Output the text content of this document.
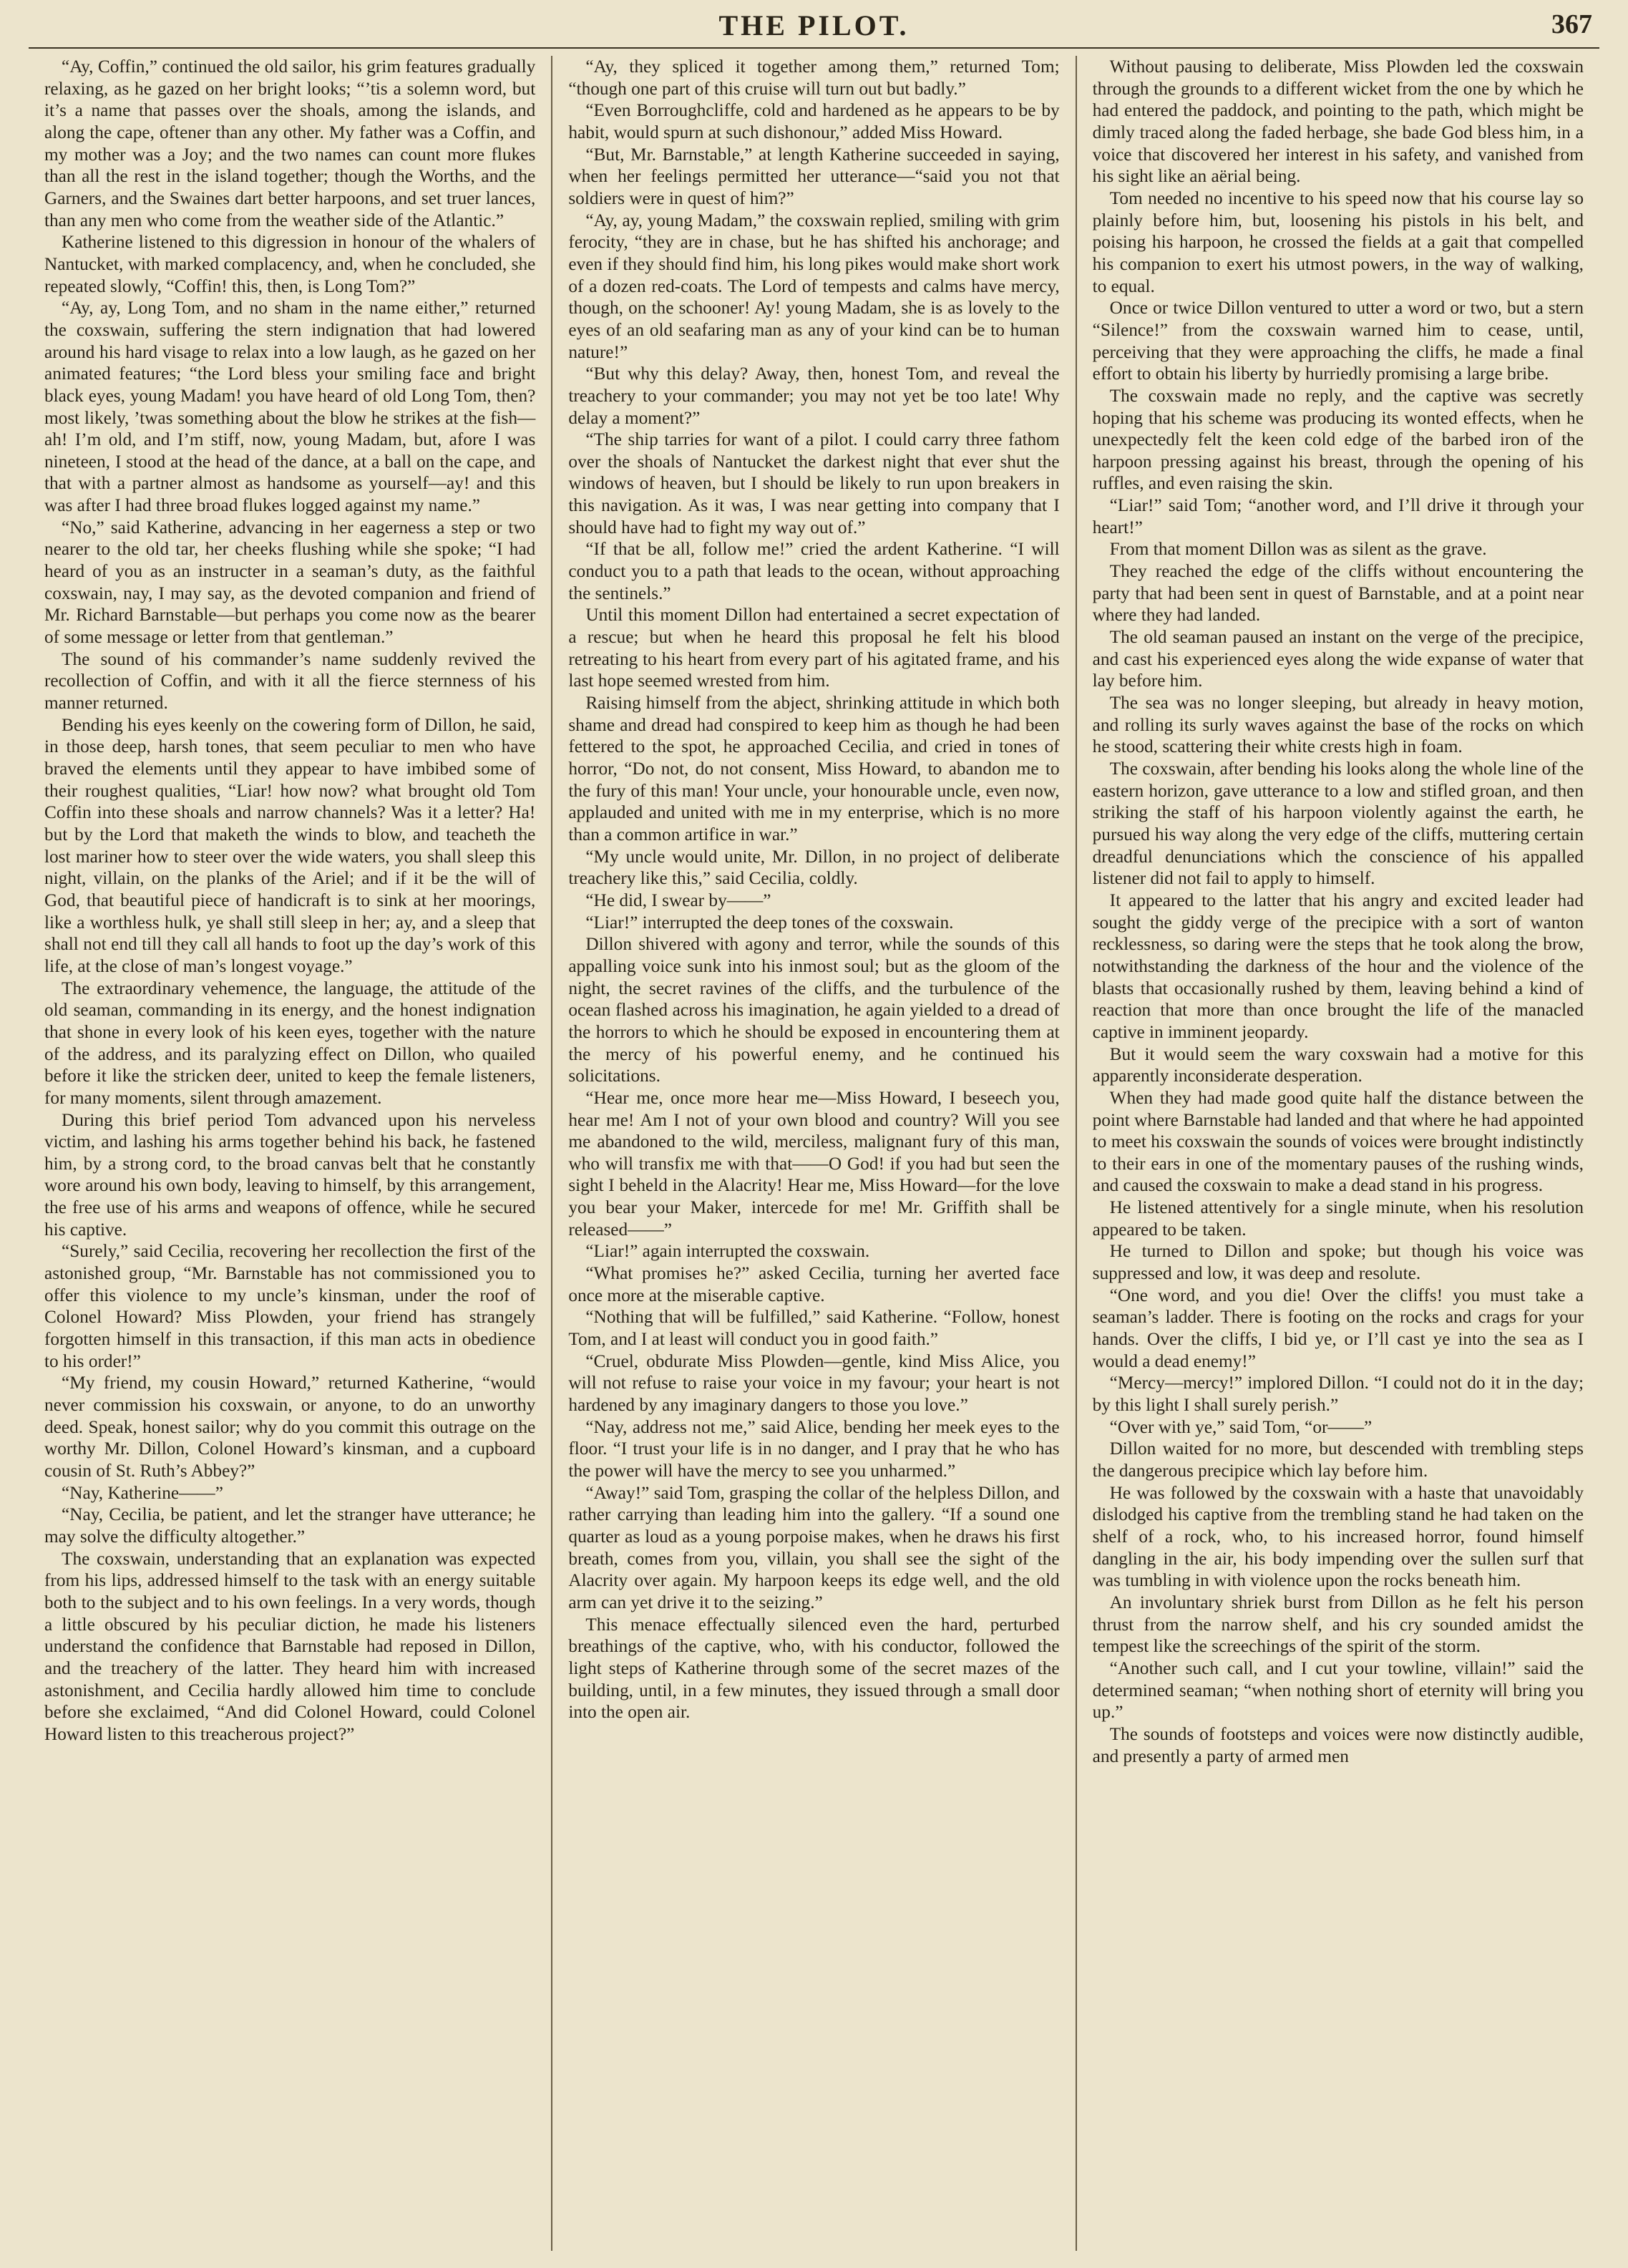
THE PILOT.	367

“Ay, Coffin,” continued the old sailor, his grim features gradually relaxing, as he gazed on her bright looks; “’tis a solemn word, but it’s a name that passes over the shoals, among the islands, and along the cape, oftener than any other. My father was a Coffin, and my mother was a Joy; and the two names can count more flukes than all the rest in the island together; though the Worths, and the Garners, and the Swaines dart better harpoons, and set truer lances, than any men who come from the weather side of the Atlantic.”

Katherine listened to this digression in honour of the whalers of Nantucket, with marked complacency, and, when he concluded, she repeated slowly, “Coffin! this, then, is Long Tom?”

“Ay, ay, Long Tom, and no sham in the name either,” returned the coxswain, suffering the stern indignation that had lowered around his hard visage to relax into a low laugh, as he gazed on her animated features; “the Lord bless your smiling face and bright black eyes, young Madam! you have heard of old Long Tom, then? most likely, ’twas something about the blow he strikes at the fish—ah! I’m old, and I’m stiff, now, young Madam, but, afore I was nineteen, I stood at the head of the dance, at a ball on the cape, and that with a partner almost as handsome as yourself—ay! and this was after I had three broad flukes logged against my name.”

“No,” said Katherine, advancing in her eagerness a step or two nearer to the old tar, her cheeks flushing while she spoke; “I had heard of you as an instructer in a seaman’s duty, as the faithful coxswain, nay, I may say, as the devoted companion and friend of Mr. Richard Barnstable—but perhaps you come now as the bearer of some message or letter from that gentleman.”

The sound of his commander’s name suddenly revived the recollection of Coffin, and with it all the fierce sternness of his manner returned.

Bending his eyes keenly on the cowering form of Dillon, he said, in those deep, harsh tones, that seem peculiar to men who have braved the elements until they appear to have imbibed some of their roughest qualities, “Liar! how now? what brought old Tom Coffin into these shoals and narrow channels? Was it a letter? Ha! but by the Lord that maketh the winds to blow, and teacheth the lost mariner how to steer over the wide waters, you shall sleep this night, villain, on the planks of the Ariel; and if it be the will of God, that beautiful piece of handicraft is to sink at her moorings, like a worthless hulk, ye shall still sleep in her; ay, and a sleep that shall not end till they call all hands to foot up the day’s work of this life, at the close of man’s longest voyage.”

The extraordinary vehemence, the language, the attitude of the old seaman, commanding in its energy, and the honest indignation that shone in every look of his keen eyes, together with the nature of the address, and its paralyzing effect on Dillon, who quailed before it like the stricken deer, united to keep the female listeners, for many moments, silent through amazement.

During this brief period Tom advanced upon his nerveless victim, and lashing his arms together behind his back, he fastened him, by a strong cord, to the broad canvas belt that he constantly wore around his own body, leaving to himself, by this arrangement, the free use of his arms and weapons of offence, while he secured his captive.

“Surely,” said Cecilia, recovering her recollection the first of the astonished group, “Mr. Barnstable has not commissioned you to offer this violence to my uncle’s kinsman, under the roof of Colonel Howard? Miss Plowden, your friend has strangely forgotten himself in this transaction, if this man acts in obedience to his order!”

“My friend, my cousin Howard,” returned Katherine, “would never commission his coxswain, or anyone, to do an unworthy deed. Speak, honest sailor; why do you commit this outrage on the worthy Mr. Dillon, Colonel Howard’s kinsman, and a cupboard cousin of St. Ruth’s Abbey?”

“Nay, Katherine——”

“Nay, Cecilia, be patient, and let the stranger have utterance; he may solve the difficulty altogether.”

The coxswain, understanding that an explanation was expected from his lips, addressed himself to the task with an energy suitable both to the subject and to his own feelings. In a very words, though a little obscured by his peculiar diction, he made his listeners understand the confidence that Barnstable had reposed in Dillon, and the treachery of the latter. They heard him with increased astonishment, and Cecilia hardly allowed him time to conclude before she exclaimed, “And did Colonel Howard, could Colonel Howard listen to this treacherous project?”

“Ay, they spliced it together among them,” returned Tom; “though one part of this cruise will turn out but badly.”

“Even Borroughcliffe, cold and hardened as he appears to be by habit, would spurn at such dishonour,” added Miss Howard.

“But, Mr. Barnstable,” at length Katherine succeeded in saying, when her feelings permitted her utterance—“said you not that soldiers were in quest of him?”

“Ay, ay, young Madam,” the coxswain replied, smiling with grim ferocity, “they are in chase, but he has shifted his anchorage; and even if they should find him, his long pikes would make short work of a dozen red-coats. The Lord of tempests and calms have mercy, though, on the schooner! Ay! young Madam, she is as lovely to the eyes of an old seafaring man as any of your kind can be to human nature!”

“But why this delay? Away, then, honest Tom, and reveal the treachery to your commander; you may not yet be too late! Why delay a moment?”

“The ship tarries for want of a pilot. I could carry three fathom over the shoals of Nantucket the darkest night that ever shut the windows of heaven, but I should be likely to run upon breakers in this navigation. As it was, I was near getting into company that I should have had to fight my way out of.”

“If that be all, follow me!” cried the ardent Katherine. “I will conduct you to a path that leads to the ocean, without approaching the sentinels.”

Until this moment Dillon had entertained a secret expectation of a rescue; but when he heard this proposal he felt his blood retreating to his heart from every part of his agitated frame, and his last hope seemed wrested from him.

Raising himself from the abject, shrinking attitude in which both shame and dread had conspired to keep him as though he had been fettered to the spot, he approached Cecilia, and cried in tones of horror, “Do not, do not consent, Miss Howard, to abandon me to the fury of this man! Your uncle, your honourable uncle, even now, applauded and united with me in my enterprise, which is no more than a common artifice in war.”

“My uncle would unite, Mr. Dillon, in no project of deliberate treachery like this,” said Cecilia, coldly.

“He did, I swear by——”

“Liar!” interrupted the deep tones of the coxswain.

Dillon shivered with agony and terror, while the sounds of this appalling voice sunk into his inmost soul; but as the gloom of the night, the secret ravines of the cliffs, and the turbulence of the ocean flashed across his imagination, he again yielded to a dread of the horrors to which he should be exposed in encountering them at the mercy of his powerful enemy, and he continued his solicitations.

“Hear me, once more hear me—Miss Howard, I beseech you, hear me! Am I not of your own blood and country? Will you see me abandoned to the wild, merciless, malignant fury of this man, who will transfix me with that——O God! if you had but seen the sight I beheld in the Alacrity! Hear me, Miss Howard—for the love you bear your Maker, intercede for me! Mr. Griffith shall be released——”

“Liar!” again interrupted the coxswain.

“What promises he?” asked Cecilia, turning her averted face once more at the miserable captive.

“Nothing that will be fulfilled,” said Katherine. “Follow, honest Tom, and I at least will conduct you in good faith.”

“Cruel, obdurate Miss Plowden—gentle, kind Miss Alice, you will not refuse to raise your voice in my favour; your heart is not hardened by any imaginary dangers to those you love.”

“Nay, address not me,” said Alice, bending her meek eyes to the floor. “I trust your life is in no danger, and I pray that he who has the power will have the mercy to see you unharmed.”

“Away!” said Tom, grasping the collar of the helpless Dillon, and rather carrying than leading him into the gallery. “If a sound one quarter as loud as a young porpoise makes, when he draws his first breath, comes from you, villain, you shall see the sight of the Alacrity over again. My harpoon keeps its edge well, and the old arm can yet drive it to the seizing.”

This menace effectually silenced even the hard, perturbed breathings of the captive, who, with his conductor, followed the light steps of Katherine through some of the secret mazes of the building, until, in a few minutes, they issued through a small door into the open air.

Without pausing to deliberate, Miss Plowden led the coxswain through the grounds to a different wicket from the one by which he had entered the paddock, and pointing to the path, which might be dimly traced along the faded herbage, she bade God bless him, in a voice that discovered her interest in his safety, and vanished from his sight like an aërial being.

Tom needed no incentive to his speed now that his course lay so plainly before him, but, loosening his pistols in his belt, and poising his harpoon, he crossed the fields at a gait that compelled his companion to exert his utmost powers, in the way of walking, to equal.

Once or twice Dillon ventured to utter a word or two, but a stern “Silence!” from the coxswain warned him to cease, until, perceiving that they were approaching the cliffs, he made a final effort to obtain his liberty by hurriedly promising a large bribe.

The coxswain made no reply, and the captive was secretly hoping that his scheme was producing its wonted effects, when he unexpectedly felt the keen cold edge of the barbed iron of the harpoon pressing against his breast, through the opening of his ruffles, and even raising the skin.

“Liar!” said Tom; “another word, and I’ll drive it through your heart!”

From that moment Dillon was as silent as the grave.

They reached the edge of the cliffs without encountering the party that had been sent in quest of Barnstable, and at a point near where they had landed.

The old seaman paused an instant on the verge of the precipice, and cast his experienced eyes along the wide expanse of water that lay before him.

The sea was no longer sleeping, but already in heavy motion, and rolling its surly waves against the base of the rocks on which he stood, scattering their white crests high in foam.

The coxswain, after bending his looks along the whole line of the eastern horizon, gave utterance to a low and stifled groan, and then striking the staff of his harpoon violently against the earth, he pursued his way along the very edge of the cliffs, muttering certain dreadful denunciations which the conscience of his appalled listener did not fail to apply to himself.

It appeared to the latter that his angry and excited leader had sought the giddy verge of the precipice with a sort of wanton recklessness, so daring were the steps that he took along the brow, notwithstanding the darkness of the hour and the violence of the blasts that occasionally rushed by them, leaving behind a kind of reaction that more than once brought the life of the manacled captive in imminent jeopardy.

But it would seem the wary coxswain had a motive for this apparently inconsiderate desperation.

When they had made good quite half the distance between the point where Barnstable had landed and that where he had appointed to meet his coxswain the sounds of voices were brought indistinctly to their ears in one of the momentary pauses of the rushing winds, and caused the coxswain to make a dead stand in his progress.

He listened attentively for a single minute, when his resolution appeared to be taken.

He turned to Dillon and spoke; but though his voice was suppressed and low, it was deep and resolute.

“One word, and you die! Over the cliffs! you must take a seaman’s ladder. There is footing on the rocks and crags for your hands. Over the cliffs, I bid ye, or I’ll cast ye into the sea as I would a dead enemy!”

“Mercy—mercy!” implored Dillon. “I could not do it in the day; by this light I shall surely perish.”

“Over with ye,” said Tom, “or——”

Dillon waited for no more, but descended with trembling steps the dangerous precipice which lay before him.

He was followed by the coxswain with a haste that unavoidably dislodged his captive from the trembling stand he had taken on the shelf of a rock, who, to his increased horror, found himself dangling in the air, his body impending over the sullen surf that was tumbling in with violence upon the rocks beneath him.

An involuntary shriek burst from Dillon as he felt his person thrust from the narrow shelf, and his cry sounded amidst the tempest like the screechings of the spirit of the storm.

“Another such call, and I cut your towline, villain!” said the determined seaman; “when nothing short of eternity will bring you up.”

The sounds of footsteps and voices were now distinctly audible, and presently a party of armed men
